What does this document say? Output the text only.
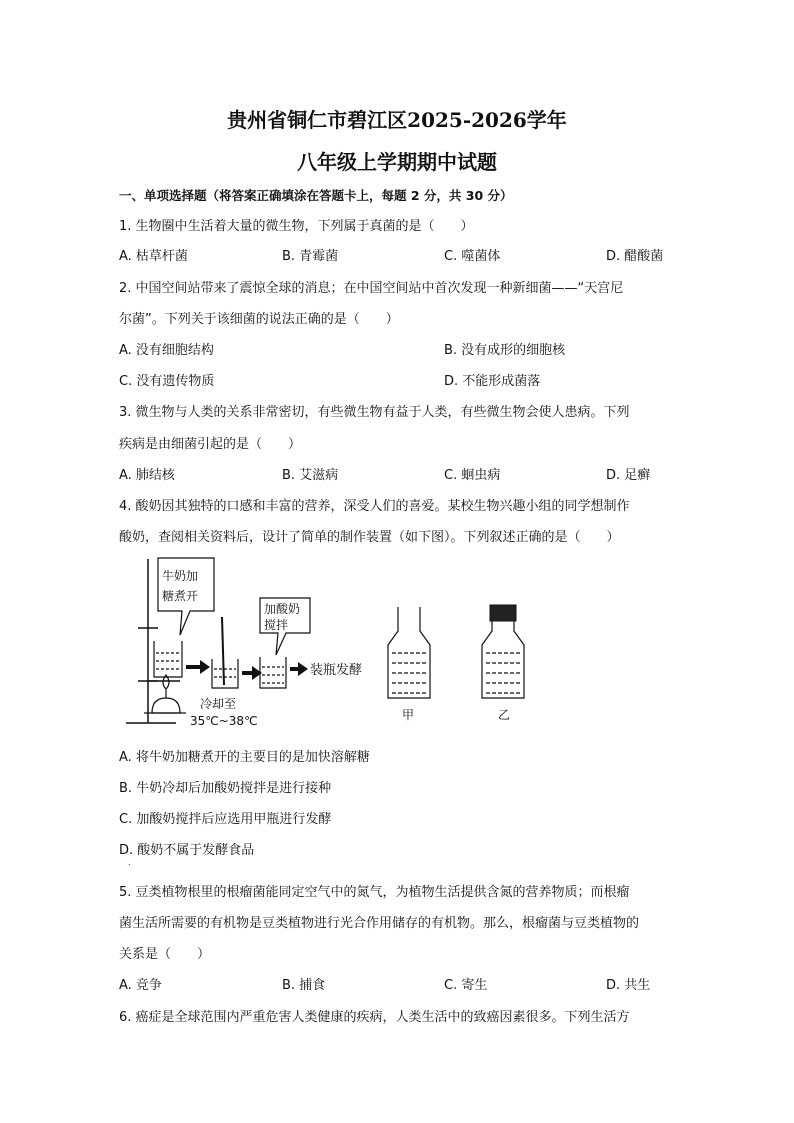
贵州省铜仁市碧江区2025-2026学年
八年级上学期期中试题
一、单项选择题（将答案正确填涂在答题卡上，每题 2 分，共 30 分）
1. 生物圈中生活着大量的微生物，下列属于真菌的是（　　）
A. 枯草杆菌	B. 青霉菌	C. 噬菌体	D. 醋酸菌
2. 中国空间站带来了震惊全球的消息；在中国空间站中首次发现一种新细菌——“天宫尼
尔菌”。下列关于该细菌的说法正确的是（　　）
A. 没有细胞结构	B. 没有成形的细胞核
C. 没有遗传物质	D. 不能形成菌落
3. 微生物与人类的关系非常密切，有些微生物有益于人类，有些微生物会使人患病。下列
疾病是由细菌引起的是（　　）
A. 肺结核	B. 艾滋病	C. 蛔虫病	D. 足癣
4. 酸奶因其独特的口感和丰富的营养，深受人们的喜爱。某校生物兴趣小组的同学想制作
酸奶，查阅相关资料后，设计了简单的制作装置（如下图）。下列叙述正确的是（　　）
牛奶加
糖煮开
冷却至
35℃~38℃
加酸奶
搅拌
装瓶发酵
甲	乙
A. 将牛奶加糖煮开的主要目的是加快溶解糖
B. 牛奶冷却后加酸奶搅拌是进行接种
C. 加酸奶搅拌后应选用甲瓶进行发酵
D. 酸奶不属于发酵食品
.
5. 豆类植物根里的根瘤菌能同定空气中的氮气，为植物生活提供含氮的营养物质；而根瘤
菌生活所需要的有机物是豆类植物进行光合作用储存的有机物。那么，根瘤菌与豆类植物的
关系是（　　）
A. 竞争	B. 捕食	C. 寄生	D. 共生
6. 癌症是全球范围内严重危害人类健康的疾病，人类生活中的致癌因素很多。下列生活方
